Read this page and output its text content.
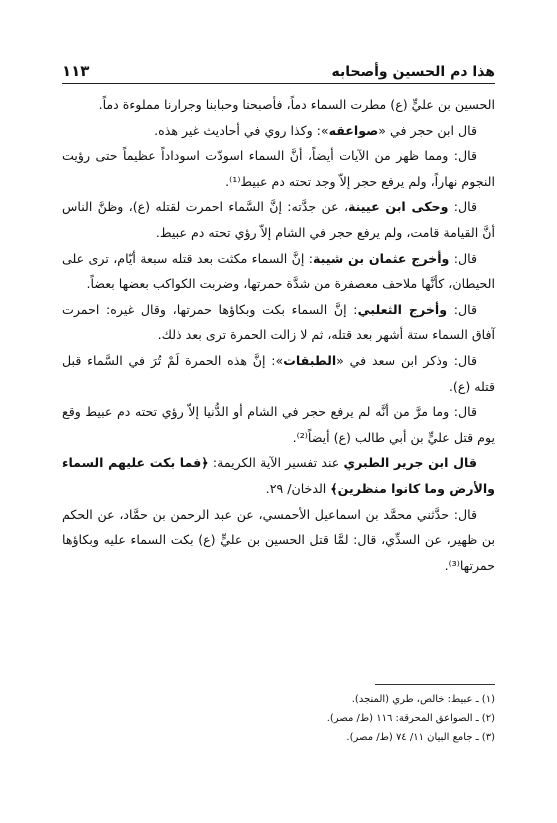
هذا دم الحسين وأصحابه
١١٣

الحسين بن عليٍّ (ع) مطرت السماء دماً، فأصبحنا وحبابنا وجرارنا مملوءة دماً.

قال ابن حجر في «صواعقه»: وكذا روي في أحاديث غير هذه.

قال: ومما ظهر من الآيات أيضاً، أنَّ السماء اسودّت اسوداداً عظيماً حتى رؤيت النجوم نهاراً، ولم يرفع حجر إلاّ وجد تحته دم عبيط⁽¹⁾.

قال: وحكى ابن عيينة، عن جدَّته: إنَّ السَّماء احمرت لقتله (ع)، وظنَّ الناس أنَّ القيامة قامت، ولم يرفع حجر في الشام إلاّ رؤي تحته دم عبيط.

قال: وأخرج عثمان بن شيبة: إنَّ السماء مكثت بعد قتله سبعة أيّام، ترى على الحيطان، كأنَّها ملاحف معصفرة من شدَّة حمرتها، وضربت الكواكب بعضها بعضاً.

قال: وأخرج الثعلبي: إنَّ السماء بكت وبكاؤها حمرتها، وقال غيره: احمرت آفاق السماء ستة أشهر بعد قتله، ثم لا زالت الحمرة ترى بعد ذلك.

قال: وذكر ابن سعد في «الطبقات»: إنَّ هذه الحمرة لَمْ تُرَ في السَّماء قبل قتله (ع).

قال: وما مرَّ من أنَّه لم يرفع حجر في الشام أو الدُّنيا إلاّ رؤي تحته دم عبيط وقع يوم قتل عليٍّ بن أبي طالب (ع) أيضاً⁽²⁾.

قال ابن جرير الطبري عند تفسير الآية الكريمة: ﴿فما بكت عليهم السماء والأرض وما كانوا منظرين﴾ الدخان/ ٢٩.

قال: حدَّثني محمَّد بن اسماعيل الأحمسي، عن عبد الرحمن بن حمَّاد، عن الحكم بن ظهير، عن السدِّي، قال: لمَّا قتل الحسين بن عليٍّ (ع) بكت السماء عليه وبكاؤها حمرتها⁽³⁾.

(١) ـ عبيط: خالص، طري (المنجد).
(٢) ـ الصواعق المحرقة: ١١٦ (ط/ مصر).
(٣) ـ جامع البيان ١١/ ٧٤ (ط/ مصر).
